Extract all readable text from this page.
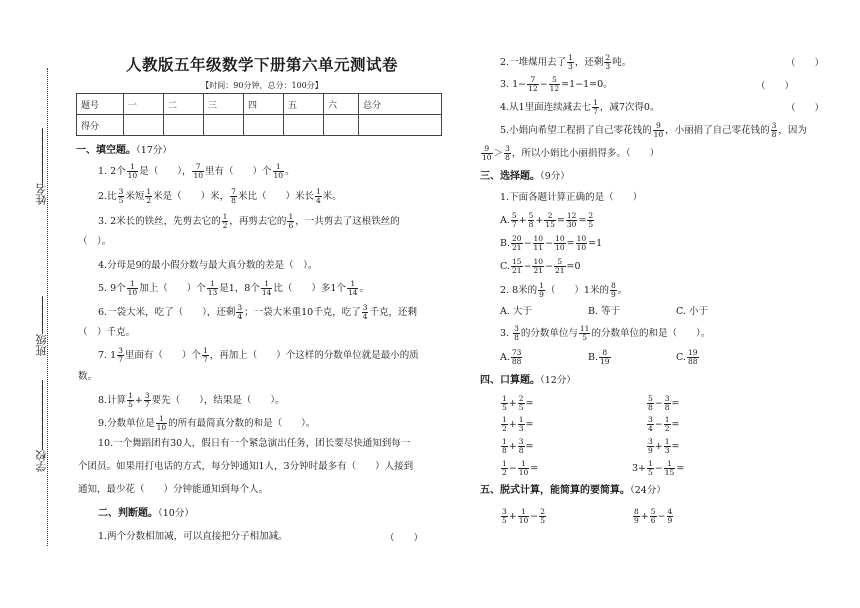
姓名
班级
学校
人教版五年级数学下册第六单元测试卷
【时间：90分钟，总分：100分】
题号	一	二	三	四	五	六	总分
得分							
一、填空题。（17分）
1. 2个 $\frac{1}{10}$ 是（　　）， $\frac{7}{10}$ 里有（　　）个 $\frac{1}{10}$ 。
2.比 $\frac{3}{5}$ 米短 $\frac{1}{2}$ 米是（　　）米， $\frac{7}{8}$ 米比（　　）米长 $\frac{1}{4}$ 米。
3. 2米长的铁丝，先剪去它的 $\frac{1}{2}$ ，再剪去它的 $\frac{1}{6}$ ，一共剪去了这根铁丝的
（　）。
4.分母是9的最小假分数与最大真分数的差是（　）。
5. 9个 $\frac{1}{10}$ 加上（　　）个 $\frac{1}{13}$ 是1，8个 $\frac{1}{14}$ 比（　　）多1个 $\frac{1}{14}$ 。
6.一袋大米，吃了（　　），还剩 $\frac{3}{4}$ ；一袋大米重10千克，吃了 $\frac{3}{4}$ 千克，还剩
（　）千克。
7. $1 \frac{3}{7}$ 里面有（　　）个 $\frac{1}{7}$ ，再加上（　　）个这样的分数单位就是最小的质
数。
8.计算 $\frac{1}{5} + \frac{3}{7}$ 要先（　　），结果是（　　）。
9.分数单位是 $\frac{1}{10}$ 的所有最简真分数的和是（　　）。
10.一个舞蹈团有30人，假日有一个紧急演出任务，团长要尽快通知到每一
个团员。如果用打电话的方式，每分钟通知1人，3分钟时最多有（　　）人接到
通知，最少花（　　）分钟能通知到每个人。
二、判断题。（10分）
1.两个分数相加减，可以直接把分子相加减。	（　　）
2.一堆煤用去了 $\frac{1}{3}$ ，还剩 $\frac{2}{3}$ 吨。	（　　）
3. $1- \frac{7}{12} - \frac{5}{12} =1-1=0$。	（　　）
4.从1里面连续减去七 $\frac{1}{7}$ ，减7次得0。	（　　）
5.小娟向希望工程捐了自己零花钱的 $\frac{9}{10}$ ，小丽捐了自己零花钱的 $\frac{3}{8}$ ，因为
$\frac{9}{10} > \frac{3}{8}$ ，所以小娟比小丽捐得多。（　　）
三、选择题。（9分）
1.下面各题计算正确的是（　　）
A. $\frac{5}{7} + \frac{5}{8} + \frac{2}{15} = \frac{12}{30} = \frac{2}{5}$
B. $\frac{20}{21} - \frac{10}{11} - \frac{10}{10} = \frac{10}{10} =1$
C. $\frac{15}{21} - \frac{10}{21} - \frac{5}{21} =0$
2. 8米的 $\frac{1}{9}$ （　　）1米的 $\frac{8}{9}$ 。
A. 大于	B. 等于	C. 小于
3. $\frac{3}{8}$ 的分数单位与 $\frac{11}{5}$ 的分数单位的和是（　　）。
A. $\frac{73}{88}$	B. $\frac{8}{19}$	C. $\frac{19}{88}$
四、口算题。（12分）
$\frac{1}{5} + \frac{2}{5}$ =	$\frac{5}{8} - \frac{3}{8}$ =
$\frac{1}{2} + \frac{1}{3}$ =	$\frac{3}{4} - \frac{1}{2}$ =
$\frac{1}{8} + \frac{3}{8}$ =	$\frac{3}{9} + \frac{1}{3}$ =
$\frac{1}{2} - \frac{1}{10}$ =	$3+ \frac{1}{5} - \frac{1}{15}$ =
五、脱式计算，能简算的要简算。（24分）
$\frac{3}{5} + \frac{1}{10} - \frac{2}{5}$	$\frac{8}{9} + \frac{5}{6} - \frac{4}{9}$
